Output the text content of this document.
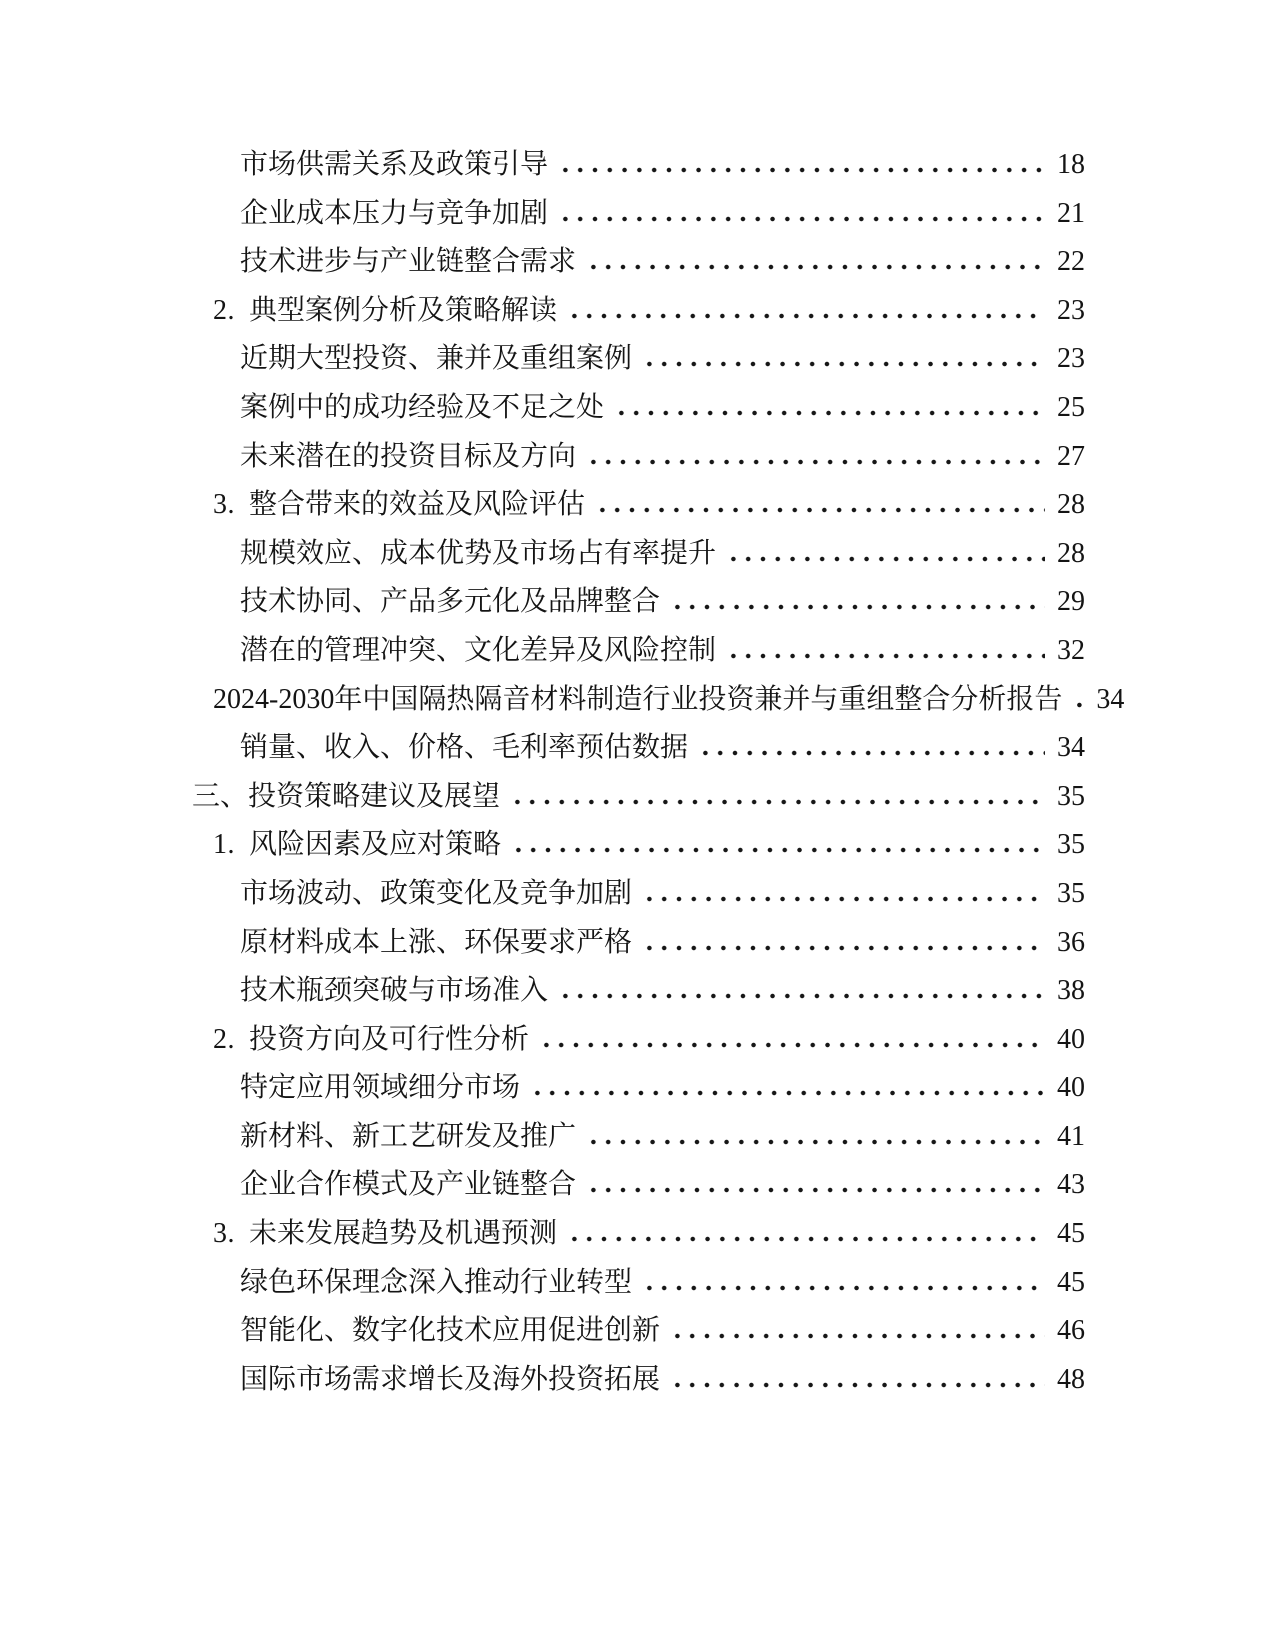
市场供需关系及政策引导	18
企业成本压力与竞争加剧	21
技术进步与产业链整合需求	22
2. 典型案例分析及策略解读	23
近期大型投资、兼并及重组案例	23
案例中的成功经验及不足之处	25
未来潜在的投资目标及方向	27
3. 整合带来的效益及风险评估	28
规模效应、成本优势及市场占有率提升	28
技术协同、产品多元化及品牌整合	29
潜在的管理冲突、文化差异及风险控制	32
2024-2030年中国隔热隔音材料制造行业投资兼并与重组整合分析报告 34
销量、收入、价格、毛利率预估数据	34
三、投资策略建议及展望	35
1. 风险因素及应对策略	35
市场波动、政策变化及竞争加剧	35
原材料成本上涨、环保要求严格	36
技术瓶颈突破与市场准入	38
2. 投资方向及可行性分析	40
特定应用领域细分市场	40
新材料、新工艺研发及推广	41
企业合作模式及产业链整合	43
3. 未来发展趋势及机遇预测	45
绿色环保理念深入推动行业转型	45
智能化、数字化技术应用促进创新	46
国际市场需求增长及海外投资拓展	48
